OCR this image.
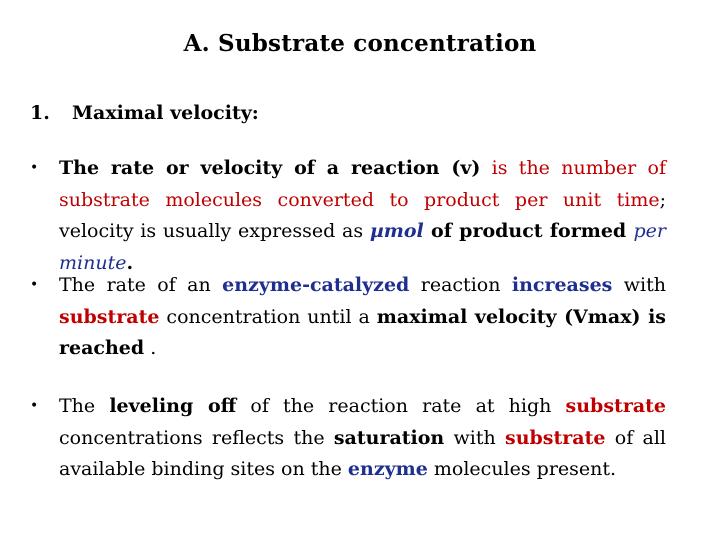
A. Substrate concentration
1. Maximal velocity:
•	The rate or velocity of a reaction (v) is the number of substrate molecules converted to product per unit time; velocity is usually expressed as µmol of product formed per minute.
•	The rate of an enzyme-catalyzed reaction increases with substrate concentration until a maximal velocity (Vmax) is reached .
•	The leveling off of the reaction rate at high substrate concentrations reflects the saturation with substrate of all available binding sites on the enzyme molecules present.
